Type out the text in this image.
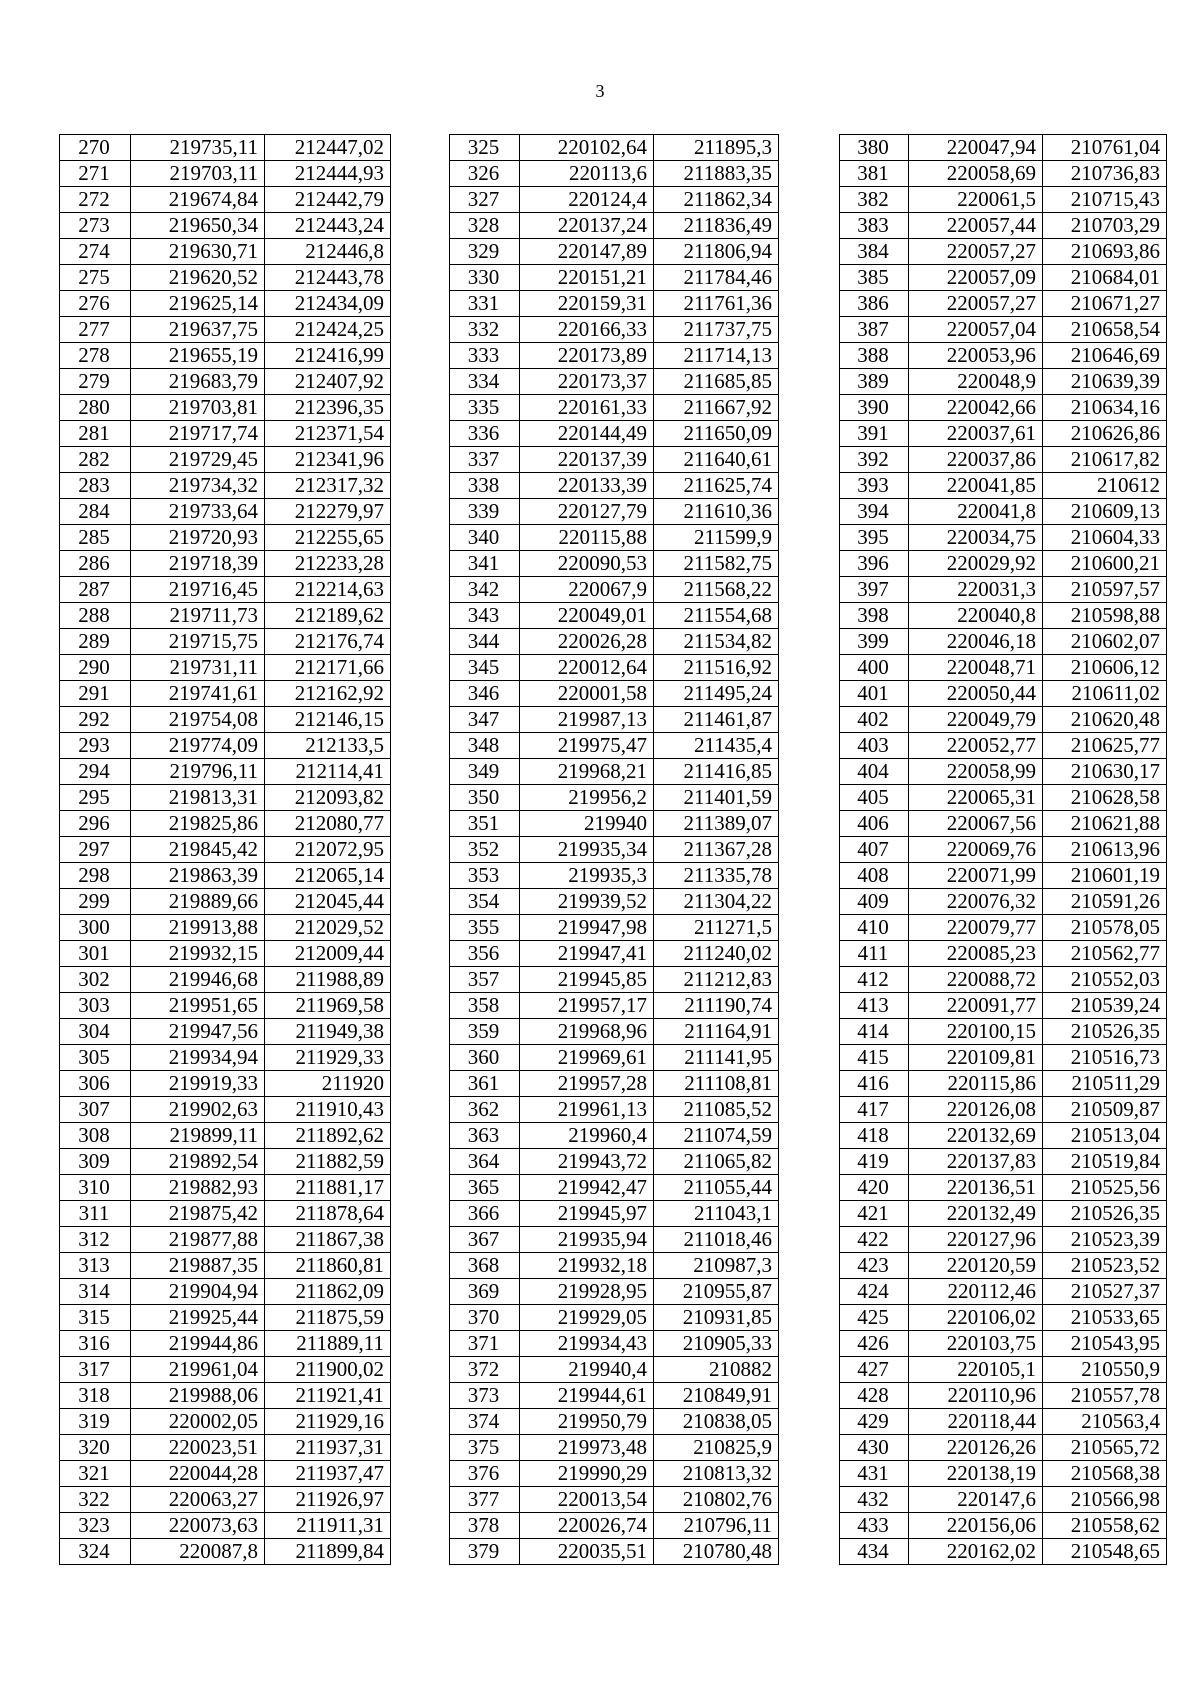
3
270	219735,11	212447,02
271	219703,11	212444,93
272	219674,84	212442,79
273	219650,34	212443,24
274	219630,71	212446,8
275	219620,52	212443,78
276	219625,14	212434,09
277	219637,75	212424,25
278	219655,19	212416,99
279	219683,79	212407,92
280	219703,81	212396,35
281	219717,74	212371,54
282	219729,45	212341,96
283	219734,32	212317,32
284	219733,64	212279,97
285	219720,93	212255,65
286	219718,39	212233,28
287	219716,45	212214,63
288	219711,73	212189,62
289	219715,75	212176,74
290	219731,11	212171,66
291	219741,61	212162,92
292	219754,08	212146,15
293	219774,09	212133,5
294	219796,11	212114,41
295	219813,31	212093,82
296	219825,86	212080,77
297	219845,42	212072,95
298	219863,39	212065,14
299	219889,66	212045,44
300	219913,88	212029,52
301	219932,15	212009,44
302	219946,68	211988,89
303	219951,65	211969,58
304	219947,56	211949,38
305	219934,94	211929,33
306	219919,33	211920
307	219902,63	211910,43
308	219899,11	211892,62
309	219892,54	211882,59
310	219882,93	211881,17
311	219875,42	211878,64
312	219877,88	211867,38
313	219887,35	211860,81
314	219904,94	211862,09
315	219925,44	211875,59
316	219944,86	211889,11
317	219961,04	211900,02
318	219988,06	211921,41
319	220002,05	211929,16
320	220023,51	211937,31
321	220044,28	211937,47
322	220063,27	211926,97
323	220073,63	211911,31
324	220087,8	211899,84
325	220102,64	211895,3
326	220113,6	211883,35
327	220124,4	211862,34
328	220137,24	211836,49
329	220147,89	211806,94
330	220151,21	211784,46
331	220159,31	211761,36
332	220166,33	211737,75
333	220173,89	211714,13
334	220173,37	211685,85
335	220161,33	211667,92
336	220144,49	211650,09
337	220137,39	211640,61
338	220133,39	211625,74
339	220127,79	211610,36
340	220115,88	211599,9
341	220090,53	211582,75
342	220067,9	211568,22
343	220049,01	211554,68
344	220026,28	211534,82
345	220012,64	211516,92
346	220001,58	211495,24
347	219987,13	211461,87
348	219975,47	211435,4
349	219968,21	211416,85
350	219956,2	211401,59
351	219940	211389,07
352	219935,34	211367,28
353	219935,3	211335,78
354	219939,52	211304,22
355	219947,98	211271,5
356	219947,41	211240,02
357	219945,85	211212,83
358	219957,17	211190,74
359	219968,96	211164,91
360	219969,61	211141,95
361	219957,28	211108,81
362	219961,13	211085,52
363	219960,4	211074,59
364	219943,72	211065,82
365	219942,47	211055,44
366	219945,97	211043,1
367	219935,94	211018,46
368	219932,18	210987,3
369	219928,95	210955,87
370	219929,05	210931,85
371	219934,43	210905,33
372	219940,4	210882
373	219944,61	210849,91
374	219950,79	210838,05
375	219973,48	210825,9
376	219990,29	210813,32
377	220013,54	210802,76
378	220026,74	210796,11
379	220035,51	210780,48
380	220047,94	210761,04
381	220058,69	210736,83
382	220061,5	210715,43
383	220057,44	210703,29
384	220057,27	210693,86
385	220057,09	210684,01
386	220057,27	210671,27
387	220057,04	210658,54
388	220053,96	210646,69
389	220048,9	210639,39
390	220042,66	210634,16
391	220037,61	210626,86
392	220037,86	210617,82
393	220041,85	210612
394	220041,8	210609,13
395	220034,75	210604,33
396	220029,92	210600,21
397	220031,3	210597,57
398	220040,8	210598,88
399	220046,18	210602,07
400	220048,71	210606,12
401	220050,44	210611,02
402	220049,79	210620,48
403	220052,77	210625,77
404	220058,99	210630,17
405	220065,31	210628,58
406	220067,56	210621,88
407	220069,76	210613,96
408	220071,99	210601,19
409	220076,32	210591,26
410	220079,77	210578,05
411	220085,23	210562,77
412	220088,72	210552,03
413	220091,77	210539,24
414	220100,15	210526,35
415	220109,81	210516,73
416	220115,86	210511,29
417	220126,08	210509,87
418	220132,69	210513,04
419	220137,83	210519,84
420	220136,51	210525,56
421	220132,49	210526,35
422	220127,96	210523,39
423	220120,59	210523,52
424	220112,46	210527,37
425	220106,02	210533,65
426	220103,75	210543,95
427	220105,1	210550,9
428	220110,96	210557,78
429	220118,44	210563,4
430	220126,26	210565,72
431	220138,19	210568,38
432	220147,6	210566,98
433	220156,06	210558,62
434	220162,02	210548,65
